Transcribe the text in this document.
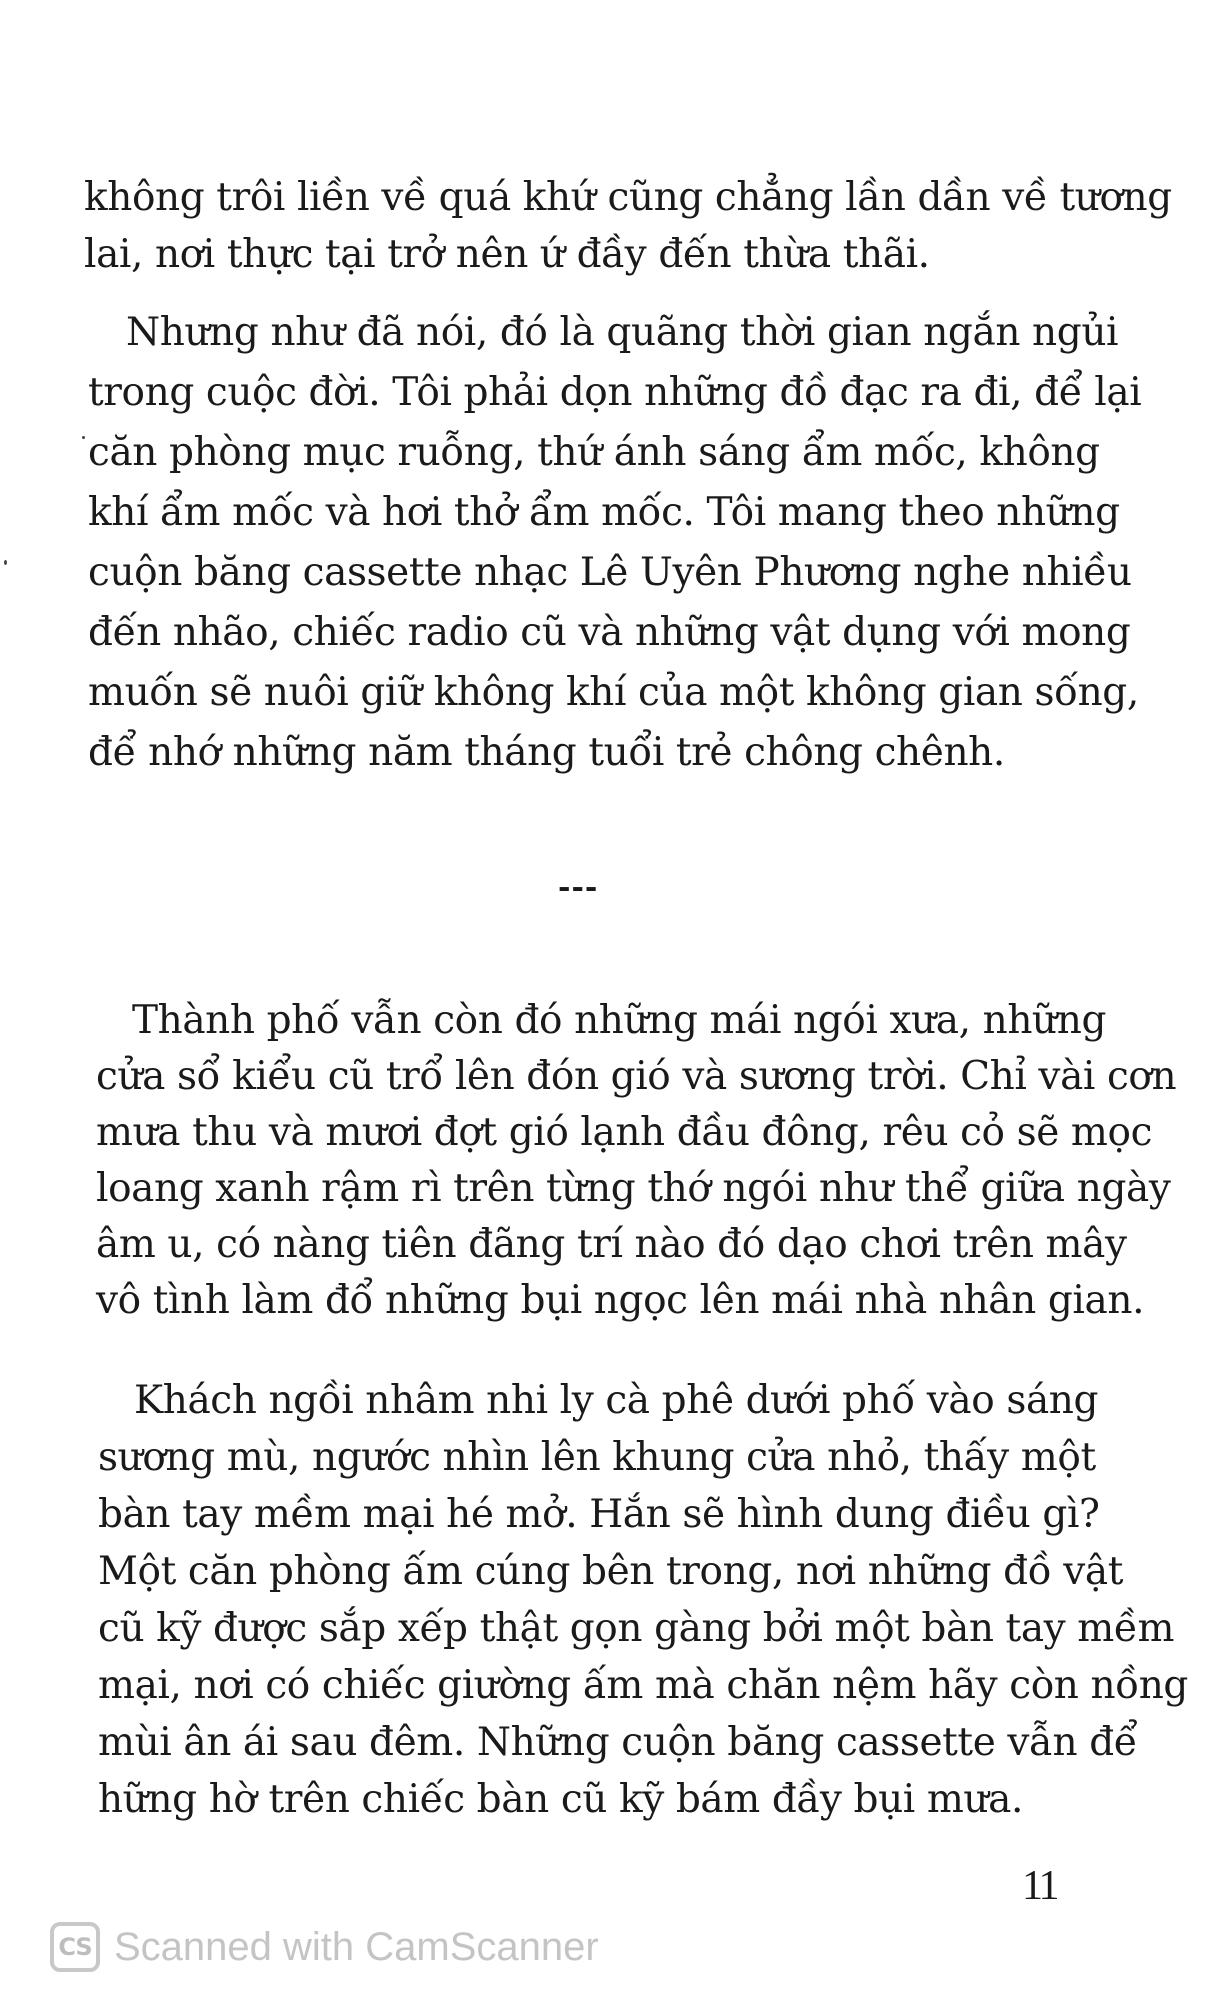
không trôi liền về quá khứ cũng chẳng lần dần về tương
lai, nơi thực tại trở nên ứ đầy đến thừa thãi.
Nhưng như đã nói, đó là quãng thời gian ngắn ngủi
trong cuộc đời. Tôi phải dọn những đồ đạc ra đi, để lại
căn phòng mục ruỗng, thứ ánh sáng ẩm mốc, không
khí ẩm mốc và hơi thở ẩm mốc. Tôi mang theo những
cuộn băng cassette nhạc Lê Uyên Phương nghe nhiều
đến nhão, chiếc radio cũ và những vật dụng với mong
muốn sẽ nuôi giữ không khí của một không gian sống,
để nhớ những năm tháng tuổi trẻ chông chênh.
---
Thành phố vẫn còn đó những mái ngói xưa, những
cửa sổ kiểu cũ trổ lên đón gió và sương trời. Chỉ vài cơn
mưa thu và mươi đợt gió lạnh đầu đông, rêu cỏ sẽ mọc
loang xanh rậm rì trên từng thớ ngói như thể giữa ngày
âm u, có nàng tiên đãng trí nào đó dạo chơi trên mây
vô tình làm đổ những bụi ngọc lên mái nhà nhân gian.
Khách ngồi nhâm nhi ly cà phê dưới phố vào sáng
sương mù, ngước nhìn lên khung cửa nhỏ, thấy một
bàn tay mềm mại hé mở. Hắn sẽ hình dung điều gì?
Một căn phòng ấm cúng bên trong, nơi những đồ vật
cũ kỹ được sắp xếp thật gọn gàng bởi một bàn tay mềm
mại, nơi có chiếc giường ấm mà chăn nệm hãy còn nồng
mùi ân ái sau đêm. Những cuộn băng cassette vẫn để
hững hờ trên chiếc bàn cũ kỹ bám đầy bụi mưa.
11
CS Scanned with CamScanner
